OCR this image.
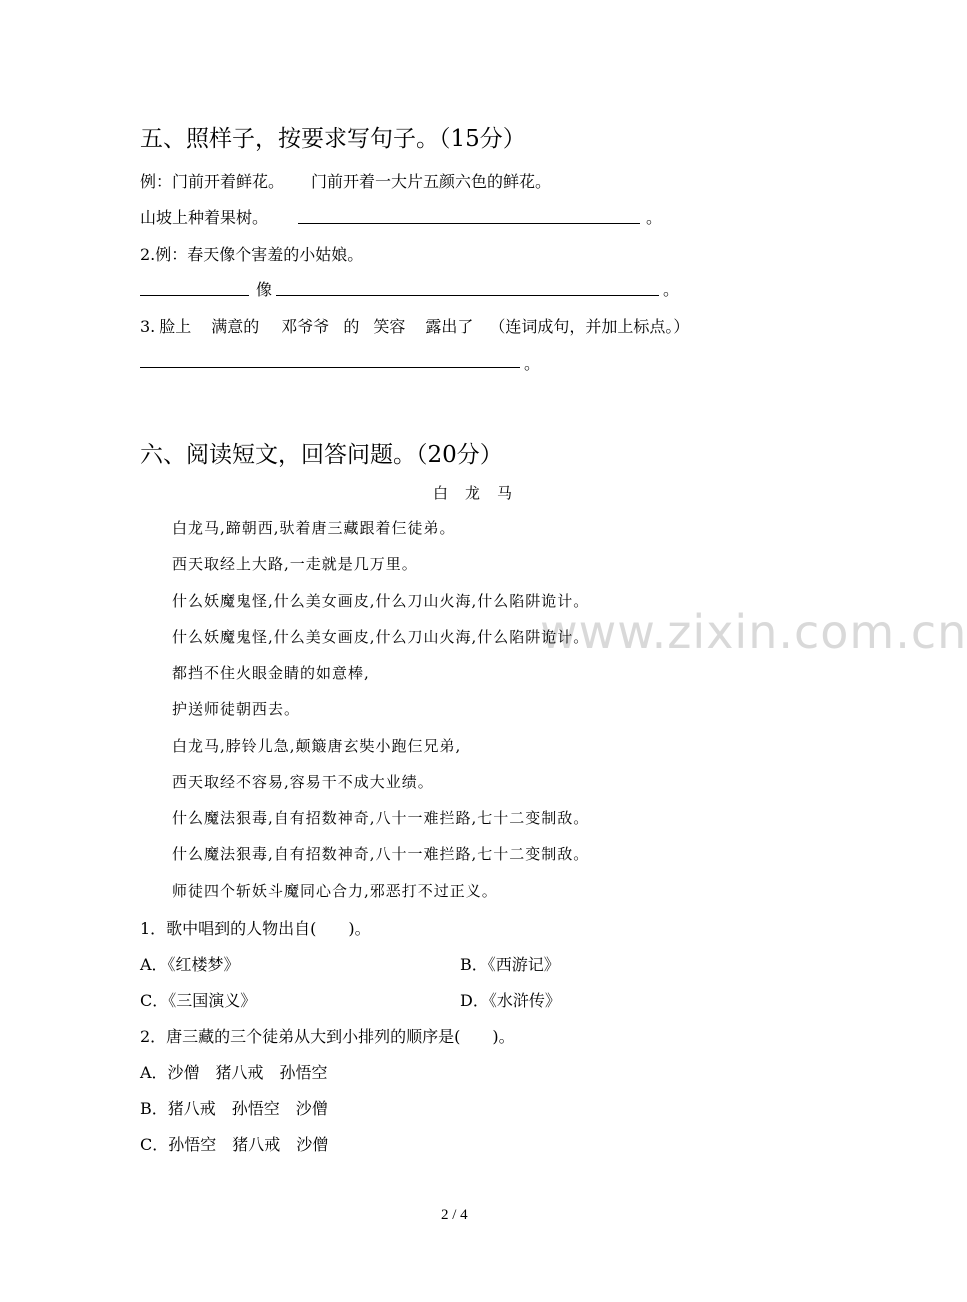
www.zixin.com.cn
五、照样子，按要求写句子。（15分）
例：门前开着鲜花。 门前开着一大片五颜六色的鲜花。
山坡上种着果树。	。
2.例：春天像个害羞的小姑娘。
像	。
3. 脸上 满意的 邓爷爷 的 笑容 露出了 （连词成句，并加上标点。）
。
六、阅读短文，回答问题。（20分）
白　龙　马
白龙马,蹄朝西,驮着唐三藏跟着仨徒弟。
西天取经上大路,一走就是几万里。
什么妖魔鬼怪,什么美女画皮,什么刀山火海,什么陷阱诡计。
什么妖魔鬼怪,什么美女画皮,什么刀山火海,什么陷阱诡计。
都挡不住火眼金睛的如意棒,
护送师徒朝西去。
白龙马,脖铃儿急,颠簸唐玄奘小跑仨兄弟,
西天取经不容易,容易干不成大业绩。
什么魔法狠毒,自有招数神奇,八十一难拦路,七十二变制敌。
什么魔法狠毒,自有招数神奇,八十一难拦路,七十二变制敌。
师徒四个斩妖斗魔同心合力,邪恶打不过正义。
1．歌中唱到的人物出自(　　)。
A．《红楼梦》	B．《西游记》
C．《三国演义》	D．《水浒传》
2．唐三藏的三个徒弟从大到小排列的顺序是(　　)。
A．沙僧　猪八戒　孙悟空
B．猪八戒　孙悟空　沙僧
C．孙悟空　猪八戒　沙僧
2 / 4
